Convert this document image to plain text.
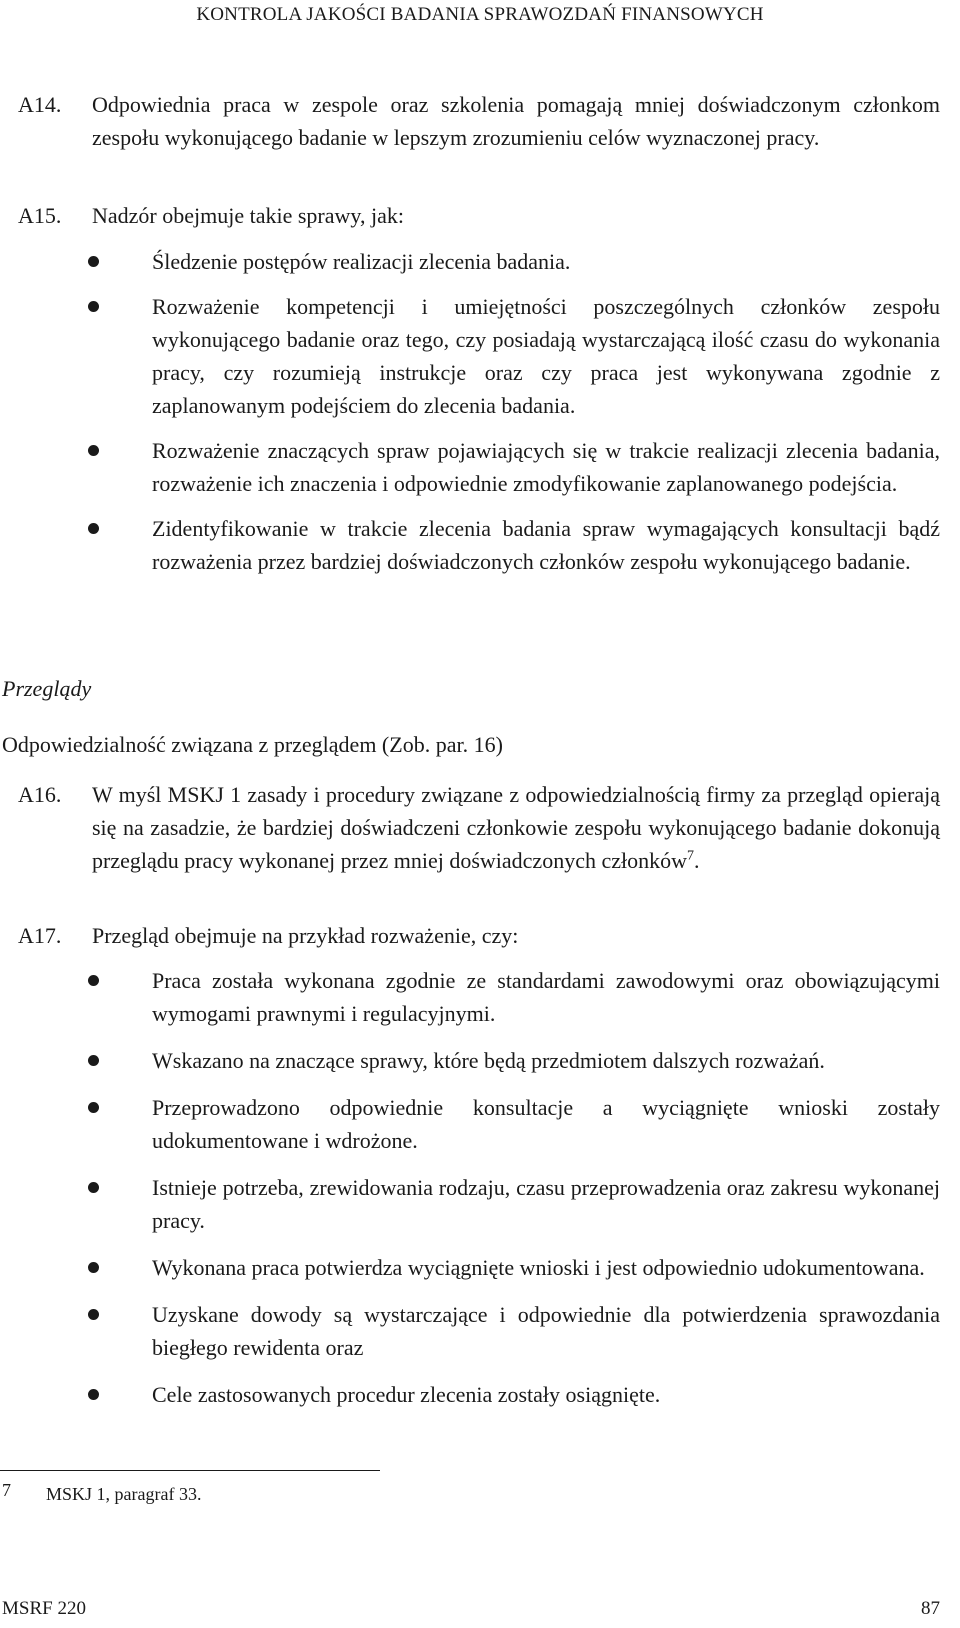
KONTROLA JAKOŚCI BADANIA SPRAWOZDAŃ FINANSOWYCH
A14. Odpowiednia praca w zespole oraz szkolenia pomagają mniej doświadczonym członkom zespołu wykonującego badanie w lepszym zrozumieniu celów wyznaczonej pracy.
A15. Nadzór obejmuje takie sprawy, jak:
Śledzenie postępów realizacji zlecenia badania.
Rozważenie kompetencji i umiejętności poszczególnych członków zespołu wykonującego badanie oraz tego, czy posiadają wystarczającą ilość czasu do wykonania pracy, czy rozumieją instrukcje oraz czy praca jest wykonywana zgodnie z zaplanowanym podejściem do zlecenia badania.
Rozważenie znaczących spraw pojawiających się w trakcie realizacji zlecenia badania, rozważenie ich znaczenia i odpowiednie zmodyfikowanie zaplanowanego podejścia.
Zidentyfikowanie w trakcie zlecenia badania spraw wymagających konsultacji bądź rozważenia przez bardziej doświadczonych członków zespołu wykonującego badanie.
Przeglądy
Odpowiedzialność związana z przeglądem (Zob. par. 16)
A16. W myśl MSKJ 1 zasady i procedury związane z odpowiedzialnością firmy za przegląd opierają się na zasadzie, że bardziej doświadczeni członkowie zespołu wykonującego badanie dokonują przeglądu pracy wykonanej przez mniej doświadczonych członków$^7$.
A17. Przegląd obejmuje na przykład rozważenie, czy:
Praca została wykonana zgodnie ze standardami zawodowymi oraz obowiązującymi wymogami prawnymi i regulacyjnymi.
Wskazano na znaczące sprawy, które będą przedmiotem dalszych rozważań.
Przeprowadzono odpowiednie konsultacje a wyciągnięte wnioski zostały udokumentowane i wdrożone.
Istnieje potrzeba, zrewidowania rodzaju, czasu przeprowadzenia oraz zakresu wykonanej pracy.
Wykonana praca potwierdza wyciągnięte wnioski i jest odpowiednio udokumentowana.
Uzyskane dowody są wystarczające i odpowiednie dla potwierdzenia sprawozdania biegłego rewidenta oraz
Cele zastosowanych procedur zlecenia zostały osiągnięte.
7 MSKJ 1, paragraf 33.
MSRF 220	87
